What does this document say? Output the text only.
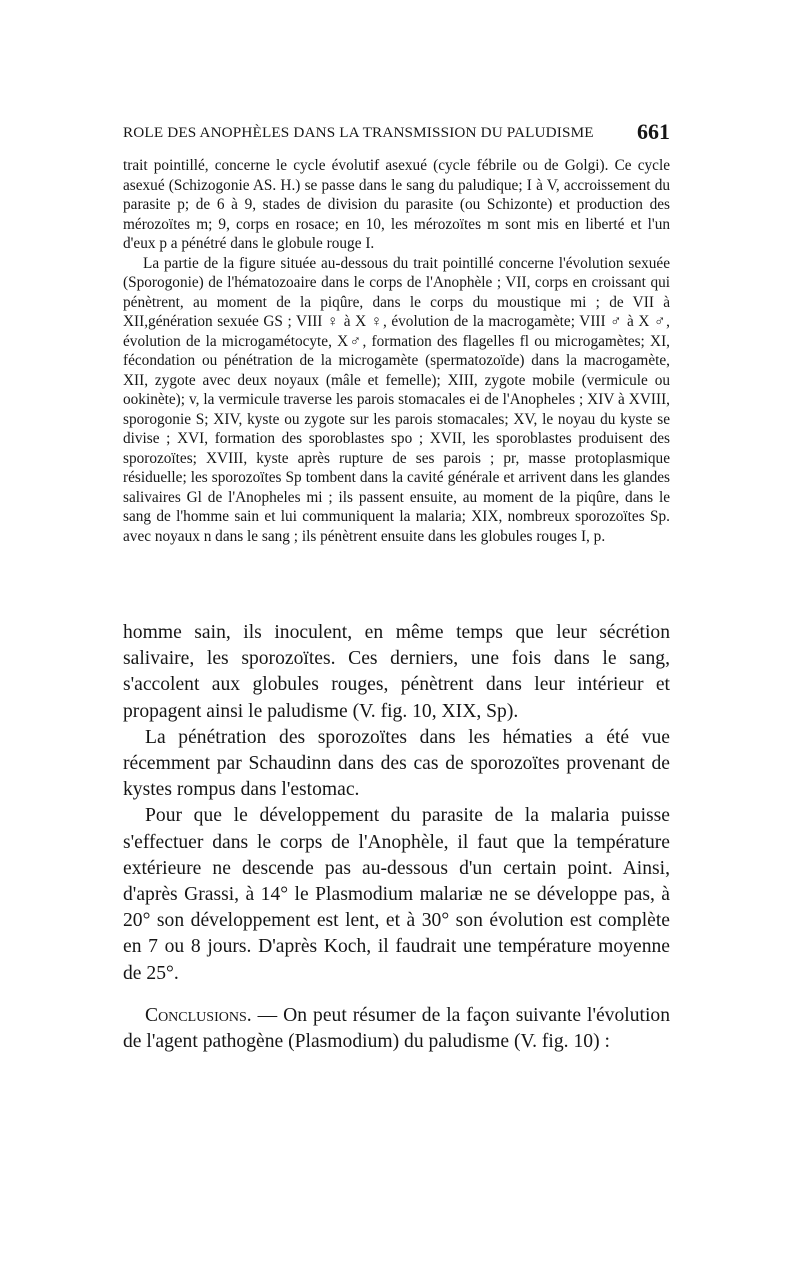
ROLE DES ANOPHÈLES DANS LA TRANSMISSION DU PALUDISME 661

trait pointillé, concerne le cycle évolutif asexué (cycle fébrile ou de Golgi). Ce cycle asexué (Schizogonie AS. H.) se passe dans le sang du paludique; I à V, accroissement du parasite p; de 6 à 9, stades de division du parasite (ou Schizonte) et production des mérozoïtes m; 9, corps en rosace; en 10, les mérozoïtes m sont mis en liberté et l'un d'eux p a pénétré dans le globule rouge I.

La partie de la figure située au-dessous du trait pointillé concerne l'évolution sexuée (Sporogonie) de l'hématozoaire dans le corps de l'Anophèle ; VII, corps en croissant qui pénètrent, au moment de la piqûre, dans le corps du moustique mi ; de VII à XII,génération sexuée GS ; VIII ♀ à X ♀, évolution de la macrogamète; VIII ♂ à X ♂, évolution de la microgamétocyte, X♂, formation des flagelles fl ou microgamètes; XI, fécondation ou pénétration de la microgamète (spermatozoïde) dans la macrogamète, XII, zygote avec deux noyaux (mâle et femelle); XIII, zygote mobile (vermicule ou ookinète); v, la vermicule traverse les parois stomacales ei de l'Anopheles ; XIV à XVIII, sporogonie S; XIV, kyste ou zygote sur les parois stomacales; XV, le noyau du kyste se divise ; XVI, formation des sporoblastes spo ; XVII, les sporoblastes produisent des sporozoïtes; XVIII, kyste après rupture de ses parois ; pr, masse protoplasmique résiduelle; les sporozoïtes Sp tombent dans la cavité générale et arrivent dans les glandes salivaires Gl de l'Anopheles mi ; ils passent ensuite, au moment de la piqûre, dans le sang de l'homme sain et lui communiquent la malaria; XIX, nombreux sporozoïtes Sp. avec noyaux n dans le sang ; ils pénètrent ensuite dans les globules rouges I, p.

homme sain, ils inoculent, en même temps que leur sécrétion salivaire, les sporozoïtes. Ces derniers, une fois dans le sang, s'accolent aux globules rouges, pénètrent dans leur intérieur et propagent ainsi le paludisme (V. fig. 10, XIX, Sp).

La pénétration des sporozoïtes dans les hématies a été vue récemment par Schaudinn dans des cas de sporozoïtes provenant de kystes rompus dans l'estomac.

Pour que le développement du parasite de la malaria puisse s'effectuer dans le corps de l'Anophèle, il faut que la température extérieure ne descende pas au-dessous d'un certain point. Ainsi, d'après Grassi, à 14° le Plasmodium malariæ ne se développe pas, à 20° son développement est lent, et à 30° son évolution est complète en 7 ou 8 jours. D'après Koch, il faudrait une température moyenne de 25°.

Conclusions. — On peut résumer de la façon suivante l'évolution de l'agent pathogène (Plasmodium) du paludisme (V. fig. 10) :
